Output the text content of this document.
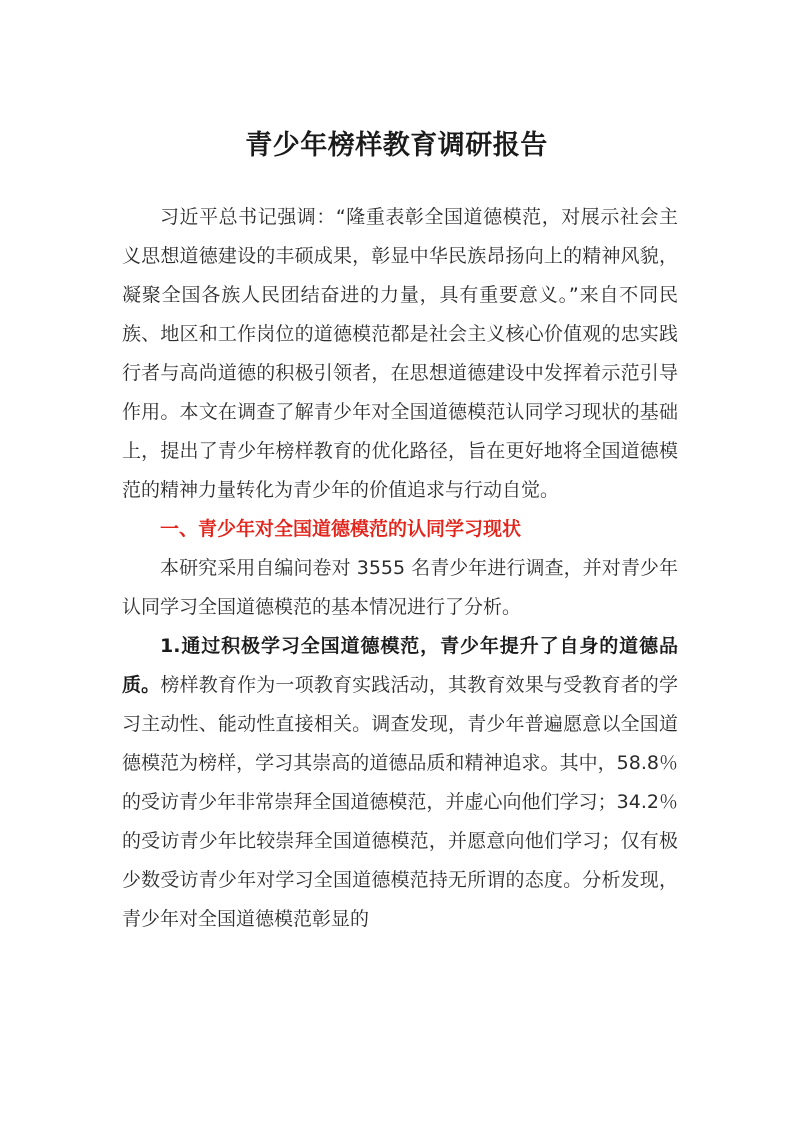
青少年榜样教育调研报告

习近平总书记强调：“隆重表彰全国道德模范，对展示社会主义思想道德建设的丰硕成果，彰显中华民族昂扬向上的精神风貌，凝聚全国各族人民团结奋进的力量，具有重要意义。”来自不同民族、地区和工作岗位的道德模范都是社会主义核心价值观的忠实践行者与高尚道德的积极引领者，在思想道德建设中发挥着示范引导作用。本文在调查了解青少年对全国道德模范认同学习现状的基础上，提出了青少年榜样教育的优化路径，旨在更好地将全国道德模范的精神力量转化为青少年的价值追求与行动自觉。

一、青少年对全国道德模范的认同学习现状

本研究采用自编问卷对 3555 名青少年进行调查，并对青少年认同学习全国道德模范的基本情况进行了分析。

1.通过积极学习全国道德模范，青少年提升了自身的道德品质。榜样教育作为一项教育实践活动，其教育效果与受教育者的学习主动性、能动性直接相关。调查发现，青少年普遍愿意以全国道德模范为榜样，学习其崇高的道德品质和精神追求。其中，58.8％的受访青少年非常崇拜全国道德模范，并虚心向他们学习；34.2％的受访青少年比较崇拜全国道德模范，并愿意向他们学习；仅有极少数受访青少年对学习全国道德模范持无所谓的态度。分析发现，青少年对全国道德模范彰显的
